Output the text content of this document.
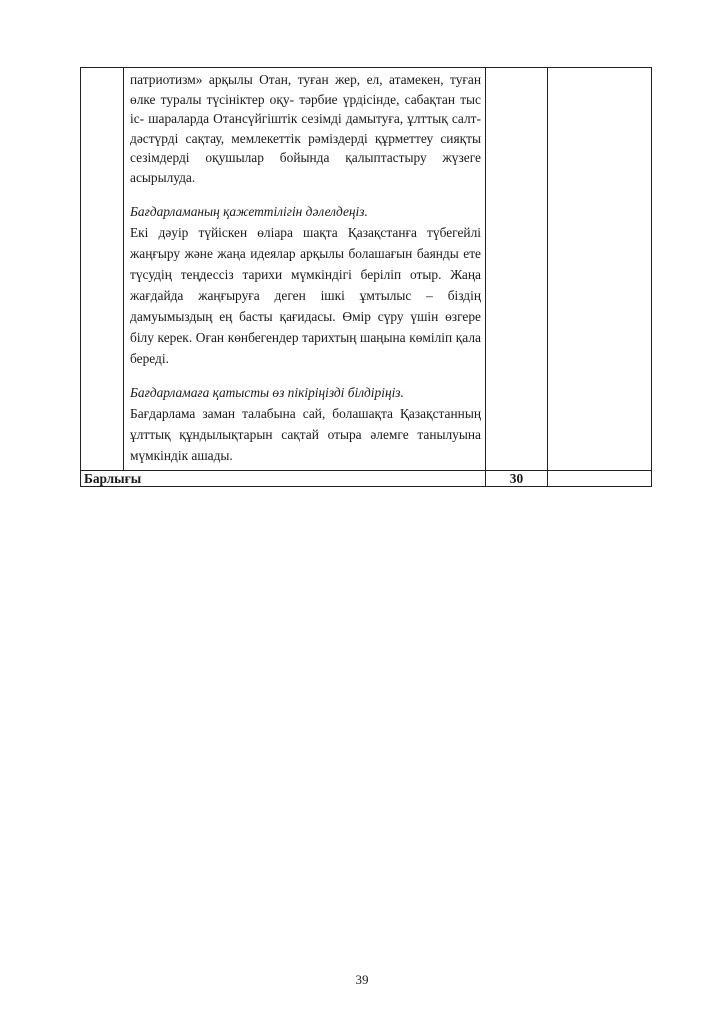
	патриотизм» арқылы Отан, туған жер, ел, атамекен, туған өлке туралы түсініктер оқу- тәрбие үрдісінде, сабақтан тыс іс- шараларда Отансүйгіштік сезімді дамытуға, ұлттық салт- дәстүрді сақтау, мемлекеттік рәміздерді құрметтеу сияқты сезімдерді оқушылар бойында қалыптастыру жүзеге асырылуда.

Бағдарламаның қажеттілігін дәлелдеңіз.

Екі дәуір түйіскен өліара шақта Қазақстанға түбегейлі жаңғыру және жаңа идеялар арқылы болашағын баянды ете түсудің теңдессіз тарихи мүмкіндігі беріліп отыр. Жаңа жағдайда жаңғыруға деген ішкі ұмтылыс – біздің дамуымыздың ең басты қағидасы. Өмір сүру үшін өзгере білу керек. Оған көнбегендер тарихтың шаңына көміліп қала береді.

Бағдарламаға қатысты өз пікіріңізді білдіріңіз.

Бағдарлама заман талабына сай, болашақта Қазақстанның ұлттық құндылықтарын сақтай отыра әлемге танылуына мүмкіндік ашады.		

Барлығы		30	
39
